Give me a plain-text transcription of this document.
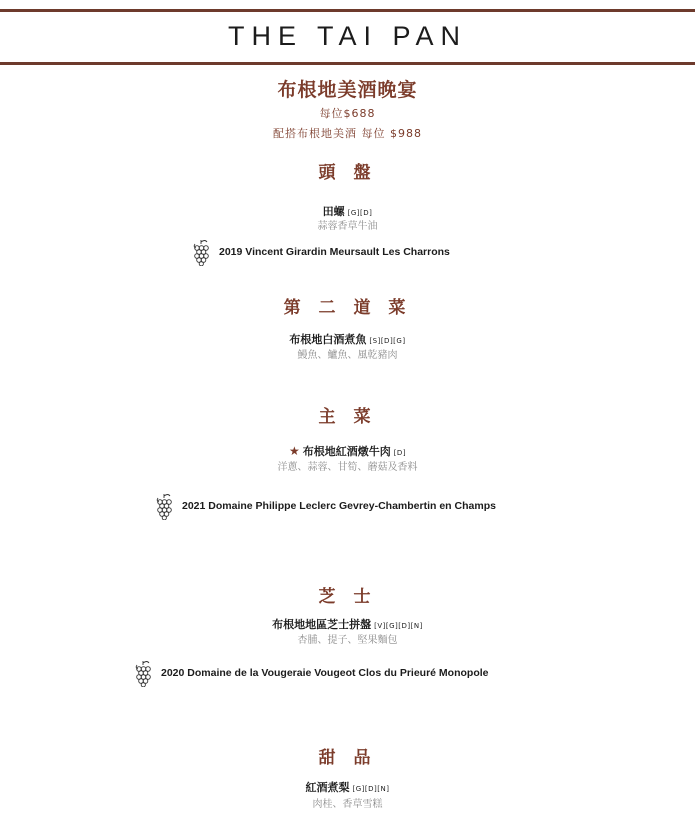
THE TAI PAN
布根地美酒晚宴
每位$688
配搭布根地美酒 每位 $988
頭 盤
田螺 [G][D]
蒜蓉香草牛油
2019 Vincent Girardin Meursault Les Charrons
第 二 道 菜
布根地白酒煮魚 [S][D][G]
鰻魚、鱸魚、風乾豬肉
主 菜
★ 布根地紅酒燉牛肉 [D]
洋蔥、蒜蓉、甘筍、蘑菇及香料
2021 Domaine Philippe Leclerc Gevrey-Chambertin en Champs
芝 士
布根地地區芝士拼盤 [V][G][D][N]
杏脯、提子、堅果麵包
2020 Domaine de la Vougeraie Vougeot Clos du Prieuré Monopole
甜 品
紅酒煮梨 [G][D][N]
肉桂、香草雪糕
